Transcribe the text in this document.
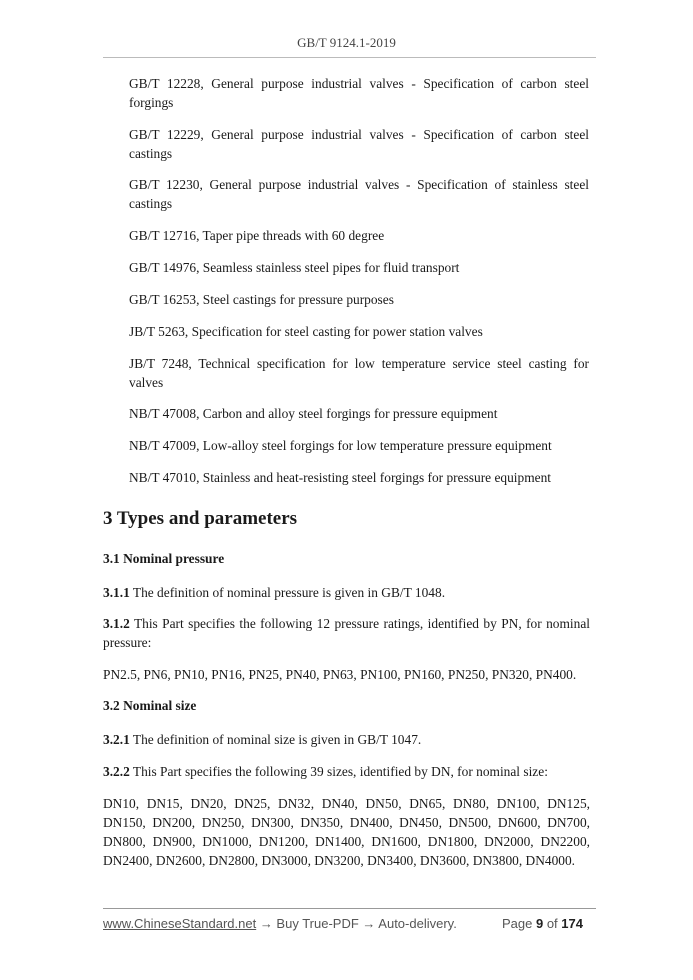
GB/T 9124.1-2019
GB/T 12228, General purpose industrial valves - Specification of carbon steel forgings
GB/T 12229, General purpose industrial valves - Specification of carbon steel castings
GB/T 12230, General purpose industrial valves - Specification of stainless steel castings
GB/T 12716, Taper pipe threads with 60 degree
GB/T 14976, Seamless stainless steel pipes for fluid transport
GB/T 16253, Steel castings for pressure purposes
JB/T 5263, Specification for steel casting for power station valves
JB/T 7248, Technical specification for low temperature service steel casting for valves
NB/T 47008, Carbon and alloy steel forgings for pressure equipment
NB/T 47009, Low-alloy steel forgings for low temperature pressure equipment
NB/T 47010, Stainless and heat-resisting steel forgings for pressure equipment
3 Types and parameters
3.1 Nominal pressure
3.1.1 The definition of nominal pressure is given in GB/T 1048.
3.1.2 This Part specifies the following 12 pressure ratings, identified by PN, for nominal pressure:
PN2.5, PN6, PN10, PN16, PN25, PN40, PN63, PN100, PN160, PN250, PN320, PN400.
3.2 Nominal size
3.2.1 The definition of nominal size is given in GB/T 1047.
3.2.2 This Part specifies the following 39 sizes, identified by DN, for nominal size:
DN10, DN15, DN20, DN25, DN32, DN40, DN50, DN65, DN80, DN100, DN125, DN150, DN200, DN250, DN300, DN350, DN400, DN450, DN500, DN600, DN700, DN800, DN900, DN1000, DN1200, DN1400, DN1600, DN1800, DN2000, DN2200, DN2400, DN2600, DN2800, DN3000, DN3200, DN3400, DN3600, DN3800, DN4000.
www.ChineseStandard.net → Buy True-PDF → Auto-delivery.	Page 9 of 174
